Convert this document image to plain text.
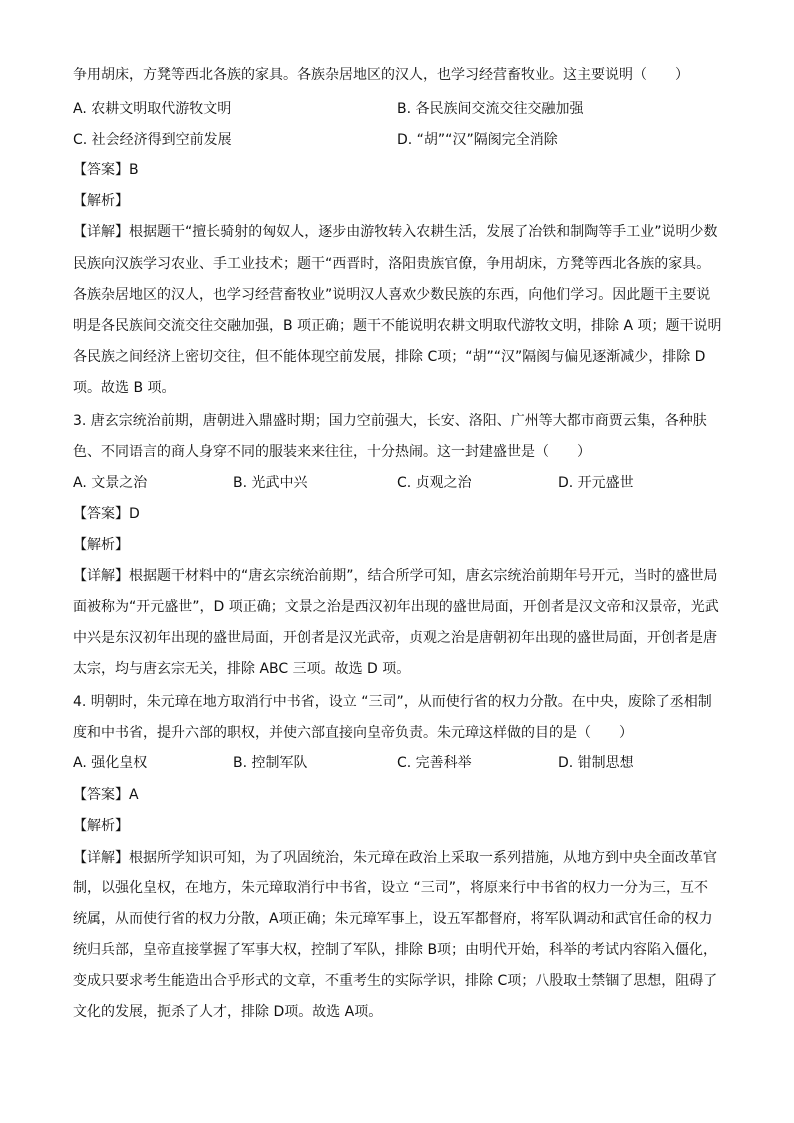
争用胡床，方凳等西北各族的家具。各族杂居地区的汉人，也学习经营畜牧业。这主要说明（　　）
A. 农耕文明取代游牧文明	B. 各民族间交流交往交融加强
C. 社会经济得到空前发展	D. “胡”“汉”隔阂完全消除
【答案】B
【解析】
【详解】根据题干“擅长骑射的匈奴人，逐步由游牧转入农耕生活，发展了冶铁和制陶等手工业”说明少数
民族向汉族学习农业、手工业技术；题干“西晋时，洛阳贵族官僚，争用胡床，方凳等西北各族的家具。
各族杂居地区的汉人，也学习经营畜牧业”说明汉人喜欢少数民族的东西，向他们学习。因此题干主要说
明是各民族间交流交往交融加强，B 项正确；题干不能说明农耕文明取代游牧文明，排除 A 项；题干说明
各民族之间经济上密切交往，但不能体现空前发展，排除 C项；“胡”“汉”隔阂与偏见逐渐减少，排除 D
项。故选 B 项。
3. 唐玄宗统治前期，唐朝进入鼎盛时期；国力空前强大，长安、洛阳、广州等大都市商贾云集，各种肤
色、不同语言的商人身穿不同的服装来来往往，十分热闹。这一封建盛世是（　　）
A. 文景之治	B. 光武中兴	C. 贞观之治	D. 开元盛世
【答案】D
【解析】
【详解】根据题干材料中的“唐玄宗统治前期”，结合所学可知，唐玄宗统治前期年号开元，当时的盛世局
面被称为“开元盛世”，D 项正确；文景之治是西汉初年出现的盛世局面，开创者是汉文帝和汉景帝，光武
中兴是东汉初年出现的盛世局面，开创者是汉光武帝，贞观之治是唐朝初年出现的盛世局面，开创者是唐
太宗，均与唐玄宗无关，排除 ABC 三项。故选 D 项。
4. 明朝时，朱元璋在地方取消行中书省，设立 “三司”，从而使行省的权力分散。在中央，废除了丞相制
度和中书省，提升六部的职权，并使六部直接向皇帝负责。朱元璋这样做的目的是（　　）
A. 强化皇权	B. 控制军队	C. 完善科举	D. 钳制思想
【答案】A
【解析】
【详解】根据所学知识可知，为了巩固统治，朱元璋在政治上采取一系列措施，从地方到中央全面改革官
制，以强化皇权，在地方，朱元璋取消行中书省，设立 “三司”，将原来行中书省的权力一分为三，互不
统属，从而使行省的权力分散，A项正确；朱元璋军事上，设五军都督府，将军队调动和武官任命的权力
统归兵部，皇帝直接掌握了军事大权，控制了军队，排除 B项；由明代开始，科举的考试内容陷入僵化，
变成只要求考生能造出合乎形式的文章，不重考生的实际学识，排除 C项；八股取士禁锢了思想，阻碍了
文化的发展，扼杀了人才，排除 D项。故选 A项。
